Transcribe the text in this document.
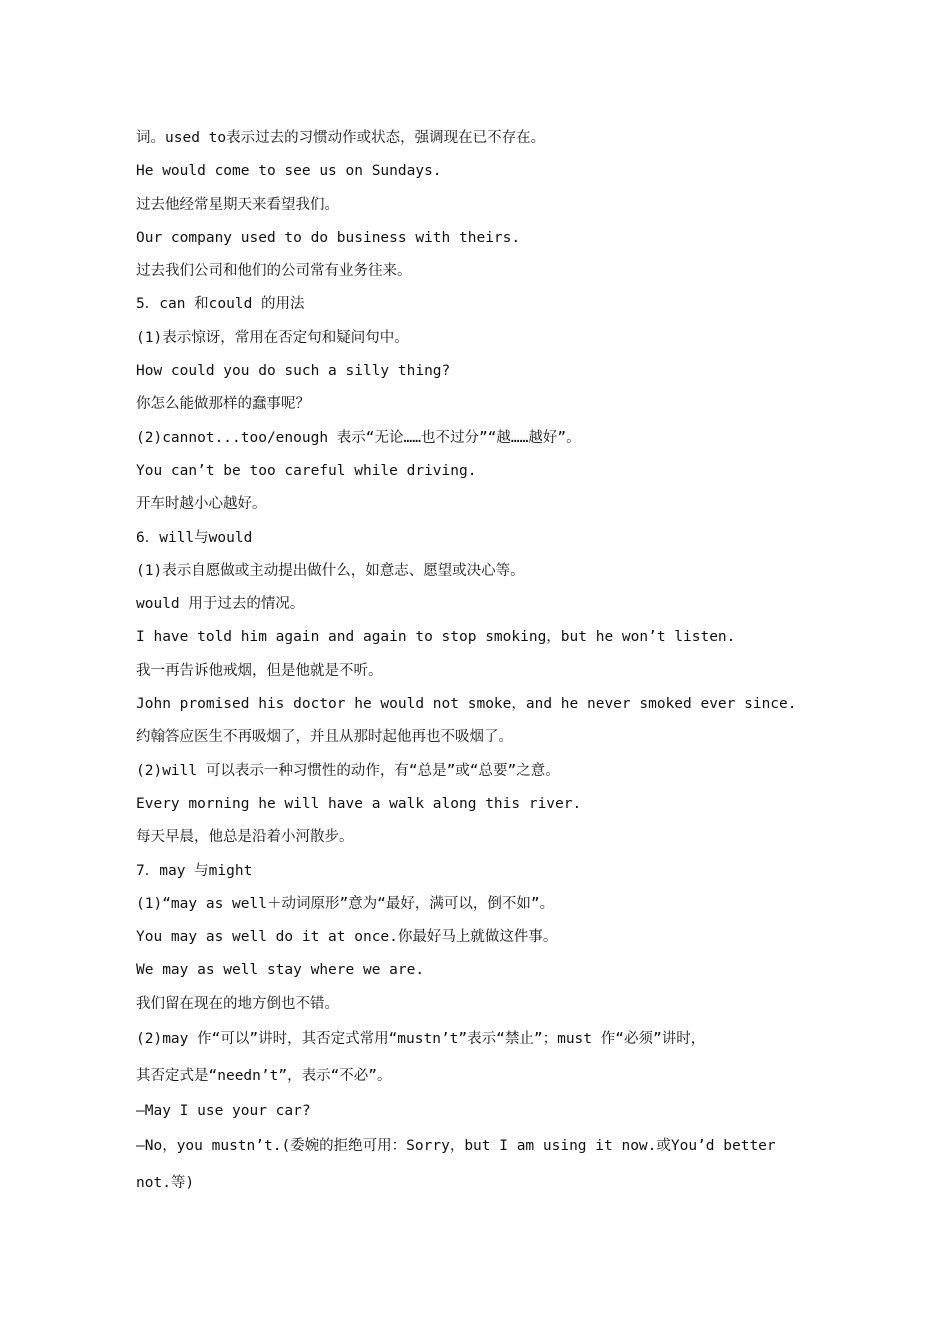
词。used to表示过去的习惯动作或状态，强调现在已不存在。
He would come to see us on Sundays.
过去他经常星期天来看望我们。
Our company used to do business with theirs.
过去我们公司和他们的公司常有业务往来。
5．can 和could 的用法
(1)表示惊讶，常用在否定句和疑问句中。
How could you do such a silly thing?
你怎么能做那样的蠢事呢？
(2)cannot...too/enough 表示“无论……也不过分”“越……越好”。
You can’t be too careful while driving.
开车时越小心越好。
6．will与would
(1)表示自愿做或主动提出做什么，如意志、愿望或决心等。
would 用于过去的情况。
I have told him again and again to stop smoking，but he won’t listen.
我一再告诉他戒烟，但是他就是不听。
John promised his doctor he would not smoke，and he never smoked ever since.
约翰答应医生不再吸烟了，并且从那时起他再也不吸烟了。
(2)will 可以表示一种习惯性的动作，有“总是”或“总要”之意。
Every morning he will have a walk along this river.
每天早晨，他总是沿着小河散步。
7．may 与might
(1)“may as well＋动词原形”意为“最好，满可以，倒不如”。
You may as well do it at once.你最好马上就做这件事。
We may as well stay where we are.
我们留在现在的地方倒也不错。
(2)may 作“可以”讲时，其否定式常用“mustn’t”表示“禁止”；must 作“必须”讲时，
其否定式是“needn’t”，表示“不必”。
—May I use your car?
—No，you mustn’t.(委婉的拒绝可用：Sorry，but I am using it now.或You’d better
not.等)
